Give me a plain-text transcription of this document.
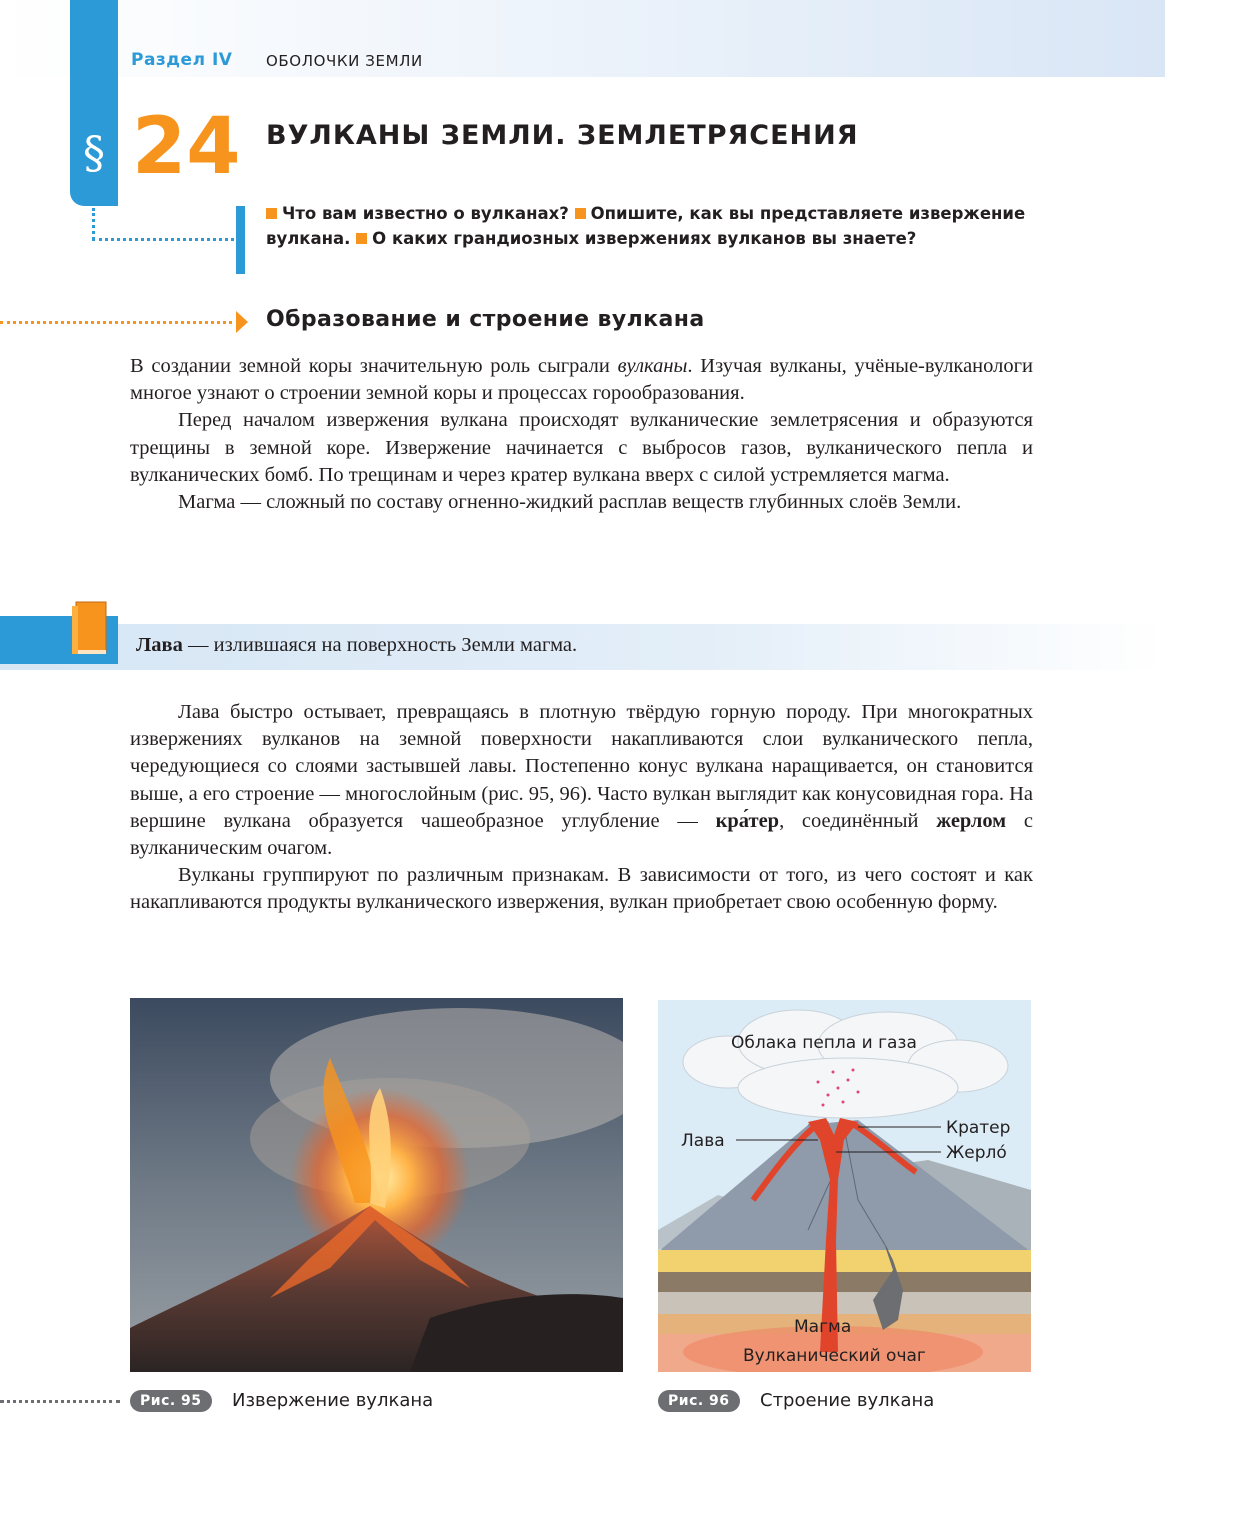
§
Раздел IV ОБОЛОЧКИ ЗЕМЛИ
24 ВУЛКАНЫ ЗЕМЛИ. ЗЕМЛЕТРЯСЕНИЯ
Что вам известно о вулканах? Опишите, как вы представляете извержение вулкана. О каких грандиозных извержениях вулканов вы знаете?
Образование и строение вулкана

В создании земной коры значительную роль сыграли вулканы. Изучая вулканы, учёные-вулканологи многое узнают о строении земной коры и процессах горообразования.

Перед началом извержения вулкана происходят вулканические землетрясения и образуются трещины в земной коре. Извержение начинается с выбросов газов, вулканического пепла и вулканических бомб. По трещинам и через кратер вулкана вверх с силой устремляется магма.

Магма — сложный по составу огненно-жидкий расплав веществ глубинных слоёв Земли.

Лава — излившаяся на поверхность Земли магма.

Лава быстро остывает, превращаясь в плотную твёрдую горную породу. При многократных извержениях вулканов на земной поверхности накапливаются слои вулканического пепла, чередующиеся со слоями застывшей лавы. Постепенно конус вулкана наращивается, он становится выше, а его строение — многослойным (рис. 95, 96). Часто вулкан выглядит как конусовидная гора. На вершине вулкана образуется чашеобразное углубление — кра́тер, соединённый жерлом с вулканическим очагом.

Вулканы группируют по различным признакам. В зависимости от того, из чего состоят и как накапливаются продукты вулканического извержения, вулкан приобретает свою особенную форму.

Облака пепла и газа
Лава
Кратер
Жерло́
Магма
Вулканический очаг
Рис. 95	Извержение вулкана	Рис. 96	Строение вулкана
